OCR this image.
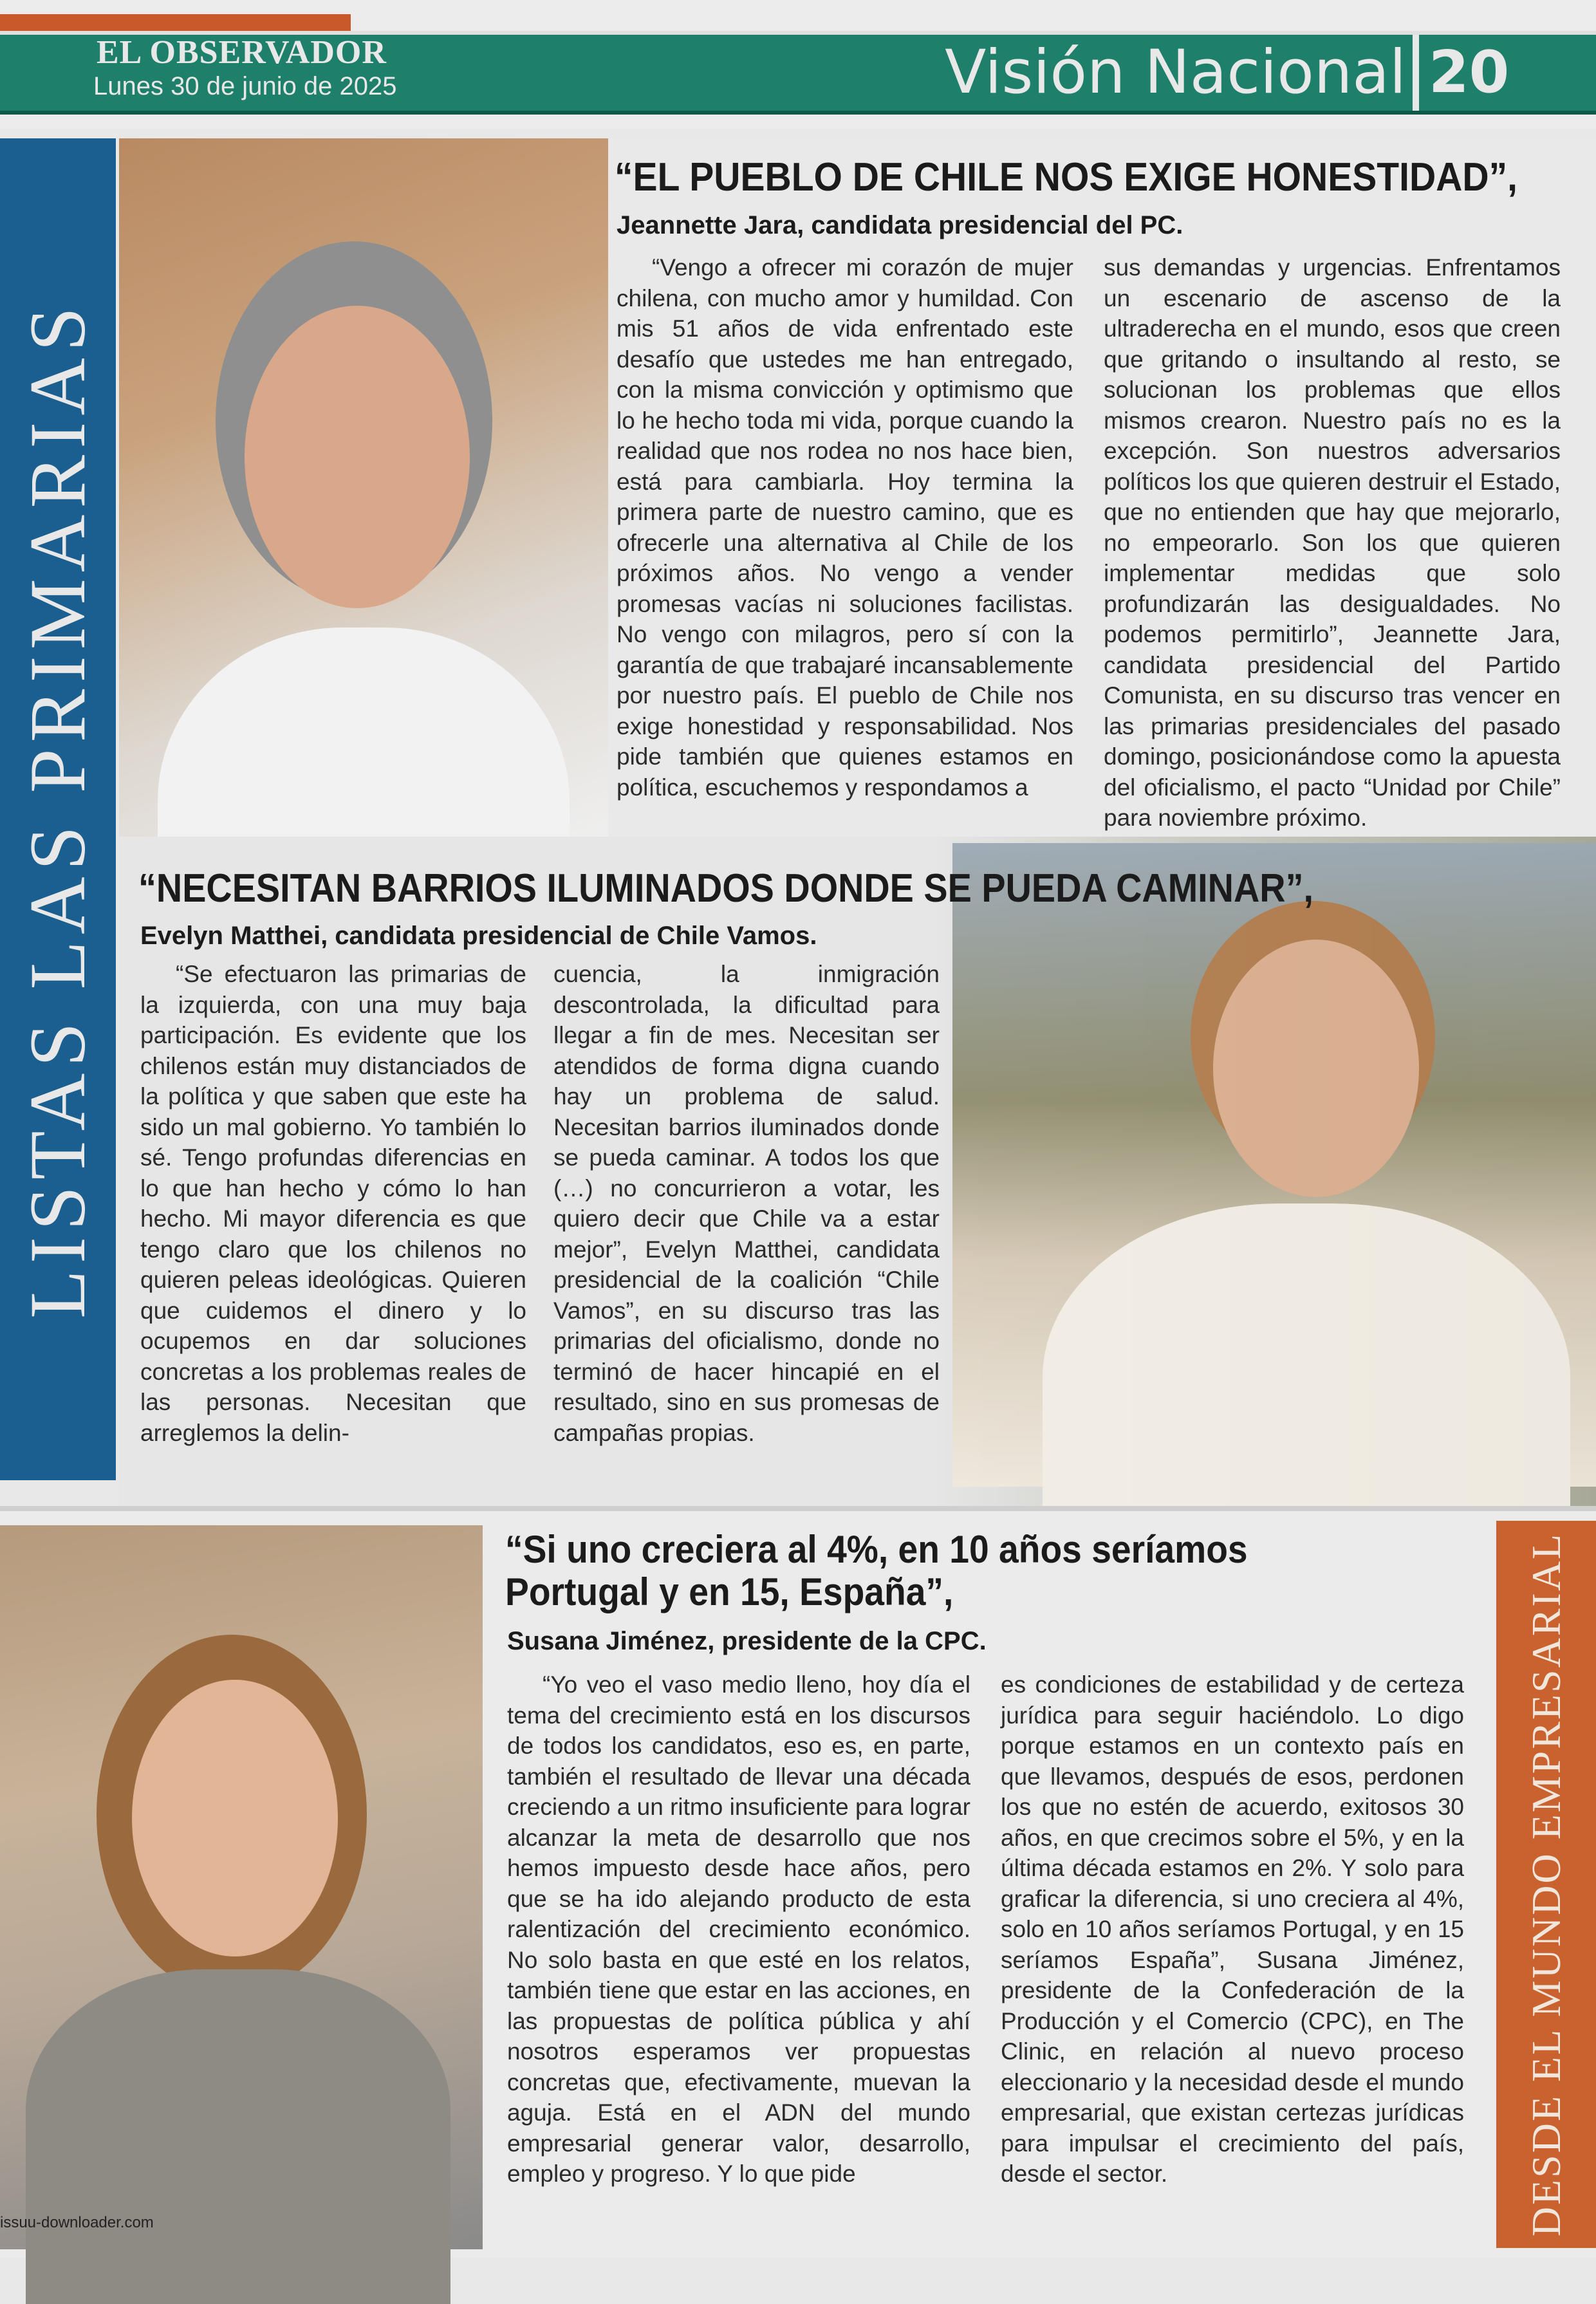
EL OBSERVADOR
Lunes 30 de junio de 2025	Visión Nacional 20
LISTAS LAS PRIMARIAS
“EL PUEBLO DE CHILE NOS EXIGE HONESTIDAD”,
Jeannette Jara, candidata presidencial del PC.

“Vengo a ofrecer mi corazón de mujer chilena, con mucho amor y humildad. Con mis 51 años de vida enfrentado este desafío que ustedes me han entregado, con la misma convicción y optimismo que lo he hecho toda mi vida, porque cuando la realidad que nos rodea no nos hace bien, está para cambiarla. Hoy termina la primera parte de nuestro camino, que es ofrecerle una alternativa al Chile de los próximos años. No vengo a vender promesas vacías ni soluciones facilistas. No vengo con milagros, pero sí con la garantía de que trabajaré incansablemente por nuestro país. El pueblo de Chile nos exige honestidad y responsabilidad. Nos pide también que quienes estamos en política, escuchemos y respondamos a

sus demandas y urgencias. Enfrentamos un escenario de ascenso de la ultraderecha en el mundo, esos que creen que gritando o insultando al resto, se solucionan los problemas que ellos mismos crearon. Nuestro país no es la excepción. Son nuestros adversarios políticos los que quieren destruir el Estado, que no entienden que hay que mejorarlo, no empeorarlo. Son los que quieren implementar medidas que solo profundizarán las desigualdades. No podemos permitirlo”, Jeannette Jara, candidata presidencial del Partido Comunista, en su discurso tras vencer en las primarias presidenciales del pasado domingo, posicionándose como la apuesta del oficialismo, el pacto “Unidad por Chile” para noviembre próximo.

“NECESITAN BARRIOS ILUMINADOS DONDE SE PUEDA CAMINAR”,
Evelyn Matthei, candidata presidencial de Chile Vamos.

“Se efectuaron las primarias de la izquierda, con una muy baja participación. Es evidente que los chilenos están muy distanciados de la política y que saben que este ha sido un mal gobierno. Yo también lo sé. Tengo profundas diferencias en lo que han hecho y cómo lo han hecho. Mi mayor diferencia es que tengo claro que los chilenos no quieren peleas ideológicas. Quieren que cuidemos el dinero y lo ocupemos en dar soluciones concretas a los problemas reales de las personas. Necesitan que arreglemos la delin-

cuencia, la inmigración descontrolada, la dificultad para llegar a fin de mes. Necesitan ser atendidos de forma digna cuando hay un problema de salud. Necesitan barrios iluminados donde se pueda caminar. A todos los que (…) no concurrieron a votar, les quiero decir que Chile va a estar mejor”, Evelyn Matthei, candidata presidencial de la coalición “Chile Vamos”, en su discurso tras las primarias del oficialismo, donde no terminó de hacer hincapié en el resultado, sino en sus promesas de campañas propias.

“Si uno creciera al 4%, en 10 años seríamos Portugal y en 15, España”,
Susana Jiménez, presidente de la CPC.

“Yo veo el vaso medio lleno, hoy día el tema del crecimiento está en los discursos de todos los candidatos, eso es, en parte, también el resultado de llevar una década creciendo a un ritmo insuficiente para lograr alcanzar la meta de desarrollo que nos hemos impuesto desde hace años, pero que se ha ido alejando producto de esta ralentización del crecimiento económico. No solo basta en que esté en los relatos, también tiene que estar en las acciones, en las propuestas de política pública y ahí nosotros esperamos ver propuestas concretas que, efectivamente, muevan la aguja. Está en el ADN del mundo empresarial generar valor, desarrollo, empleo y progreso. Y lo que pide

es condiciones de estabilidad y de certeza jurídica para seguir haciéndolo. Lo digo porque estamos en un contexto país en que llevamos, después de esos, perdonen los que no estén de acuerdo, exitosos 30 años, en que crecimos sobre el 5%, y en la última década estamos en 2%. Y solo para graficar la diferencia, si uno creciera al 4%, solo en 10 años seríamos Portugal, y en 15 seríamos España”, Susana Jiménez, presidente de la Confederación de la Producción y el Comercio (CPC), en The Clinic, en relación al nuevo proceso eleccionario y la necesidad desde el mundo empresarial, que existan certezas jurídicas para impulsar el crecimiento del país, desde el sector.	DESDE EL MUNDO EMPRESARIAL
issuu-downloader.com
